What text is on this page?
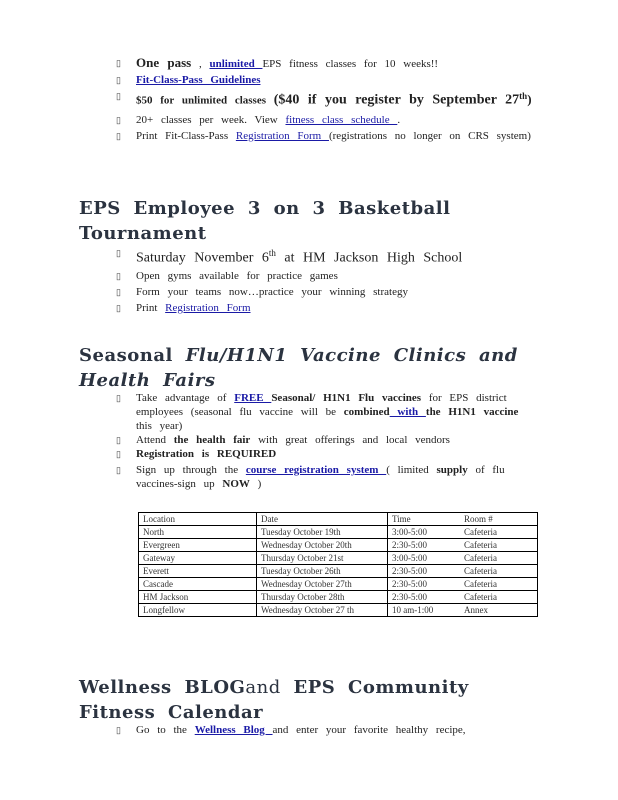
▯ One pass , unlimited EPS fitness classes for 10 weeks!!
▯ Fit-Class-Pass Guidelines
▯ $50 for unlimited classes ($40 if you register by September 27th)
▯ 20+ classes per week. View fitness class schedule .
▯ Print Fit-Class-Pass Registration Form (registrations no longer on CRS system)
EPS Employee 3 on 3 Basketball Tournament
▯ Saturday November 6th at HM Jackson High School
▯ Open gyms available for practice games
▯ Form your teams now…practice your winning strategy
▯ Print Registration Form
Seasonal Flu/H1N1 Vaccine Clinics and Health Fairs
▯ Take advantage of FREE Seasonal/ H1N1 Flu vaccines for EPS district employees (seasonal flu vaccine will be combined with the H1N1 vaccine this year)
▯ Attend the health fair with great offerings and local vendors
▯ Registration is REQUIRED
▯ Sign up through the course registration system ( limited supply of flu vaccines-sign up NOW )
Location	Date	Time	Room #
North	Tuesday October 19th	3:00-5:00	Cafeteria
Evergreen	Wednesday October 20th	2:30-5:00	Cafeteria
Gateway	Thursday October 21st	3:00-5:00	Cafeteria
Everett	Tuesday October 26th	2:30-5:00	Cafeteria
Cascade	Wednesday October 27th	2:30-5:00	Cafeteria
HM Jackson	Thursday October 28th	2:30-5:00	Cafeteria
Longfellow	Wednesday October 27 th	10 am-1:00	Annex
Wellness BLOGand EPS Community Fitness Calendar
▯ Go to the Wellness Blog and enter your favorite healthy recipe,
